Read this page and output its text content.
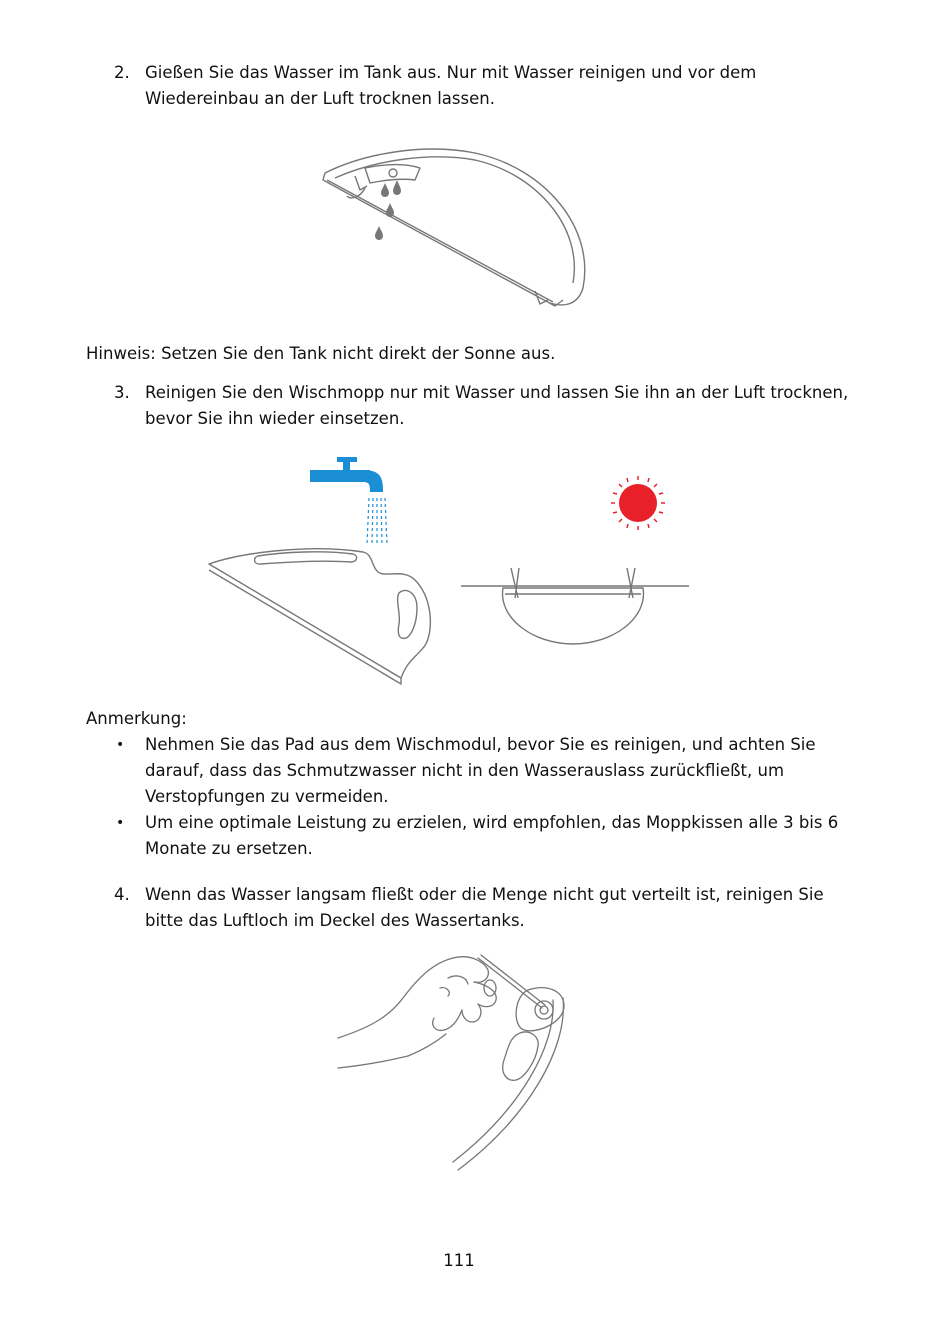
2. Gießen Sie das Wasser im Tank aus. Nur mit Wasser reinigen und vor dem
Wiedereinbau an der Luft trocknen lassen.
Hinweis: Setzen Sie den Tank nicht direkt der Sonne aus.
3. Reinigen Sie den Wischmopp nur mit Wasser und lassen Sie ihn an der Luft trocknen,
bevor Sie ihn wieder einsetzen.
Anmerkung:
• Nehmen Sie das Pad aus dem Wischmodul, bevor Sie es reinigen, und achten Sie
darauf, dass das Schmutzwasser nicht in den Wasserauslass zurückfließt, um
Verstopfungen zu vermeiden.
• Um eine optimale Leistung zu erzielen, wird empfohlen, das Moppkissen alle 3 bis 6
Monate zu ersetzen.
4. Wenn das Wasser langsam fließt oder die Menge nicht gut verteilt ist, reinigen Sie
bitte das Luftloch im Deckel des Wassertanks.
111
